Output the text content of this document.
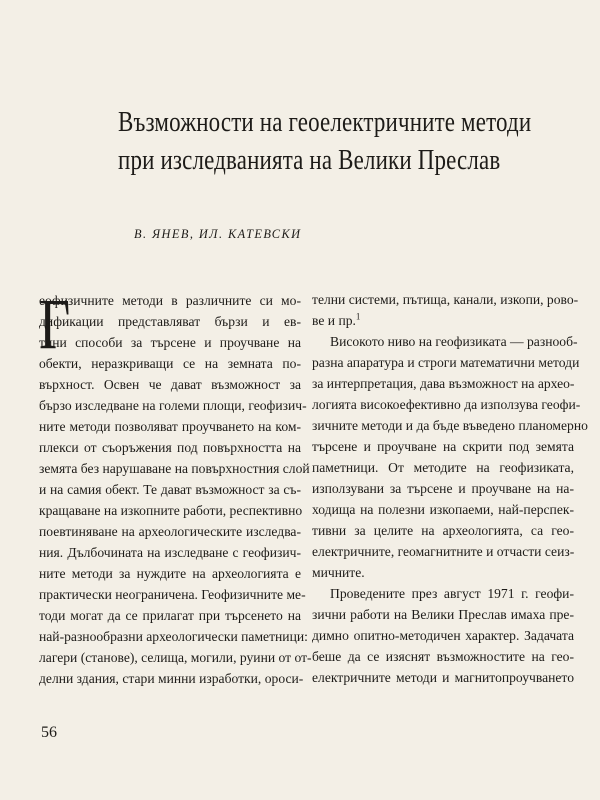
Възможности на геоелектричните методи
при изследванията на Велики Преслав
В. ЯНЕВ, ИЛ. КАТЕВСКИ
Г
еофизичните методи в различните си мо-
дификации представляват бързи и ев-
тини способи за търсене и проучване на
обекти, неразкриващи се на земната по-
върхност. Освен че дават възможност за
бързо изследване на големи площи, геофизич-
ните методи позволяват проучването на ком-
плекси от съоръжения под повърхността на
земята без нарушаване на повърхностния слой
и на самия обект. Те дават възможност за съ-
кращаване на изкопните работи, респективно
поевтиняване на археологическите изследва-
ния. Дълбочината на изследване с геофизич-
ните методи за нуждите на археологията е
практически неограничена. Геофизичните ме-
тоди могат да се прилагат при търсенето на
най-разнообразни археологически паметници:
лагери (станове), селища, могили, руини от от-
делни здания, стари минни изработки, ороси-
телни системи, пътища, канали, изкопи, рово-
ве и пр.$^1$
Високото ниво на геофизиката — разнооб-
разна апаратура и строги математични методи
за интерпретация, дава възможност на архео-
логията високоефективно да използува геофи-
зичните методи и да бъде въведено планомерно
търсене и проучване на скрити под земята
паметници. От методите на геофизиката,
използувани за търсене и проучване на на-
ходища на полезни изкопаеми, най-перспек-
тивни за целите на археологията, са гео-
електричните, геомагнитните и отчасти сеиз-
мичните.
Проведените през август 1971 г. геофи-
зични работи на Велики Преслав имаха пре-
димно опитно-методичен характер. Задачата
беше да се изяснят възможностите на гео-
електричните методи и магнитопроучването
56
